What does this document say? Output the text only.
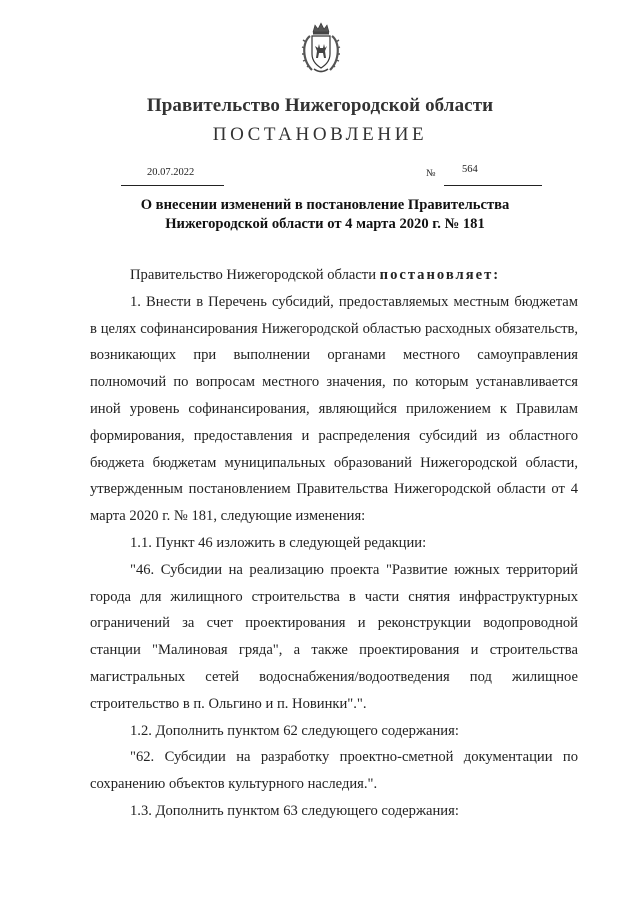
Правительство Нижегородской области
ПОСТАНОВЛЕНИЕ
20.07.2022	№	564
О внесении изменений в постановление Правительства
Нижегородской области от 4 марта 2020 г. № 181

Правительство Нижегородской области постановляет:

1. Внести в Перечень субсидий, предоставляемых местным бюджетам в целях софинансирования Нижегородской областью расходных обязательств, возникающих при выполнении органами местного самоуправления полномочий по вопросам местного значения, по которым устанавливается иной уровень софинансирования, являющийся приложением к Правилам формирования, предоставления и распределения субсидий из областного бюджета бюджетам муниципальных образований Нижегородской области, утвержденным постановлением Правительства Нижегородской области от 4 марта 2020 г. № 181, следующие изменения:

1.1. Пункт 46 изложить в следующей редакции:

"46. Субсидии на реализацию проекта "Развитие южных территорий города для жилищного строительства в части снятия инфраструктурных ограничений за счет проектирования и реконструкции водопроводной станции "Малиновая гряда", а также проектирования и строительства магистральных сетей водоснабжения/водоотведения под жилищное строительство в п. Ольгино и п. Новинки".".

1.2. Дополнить пунктом 62 следующего содержания:

"62. Субсидии на разработку проектно-сметной документации по сохранению объектов культурного наследия.".

1.3. Дополнить пунктом 63 следующего содержания:
